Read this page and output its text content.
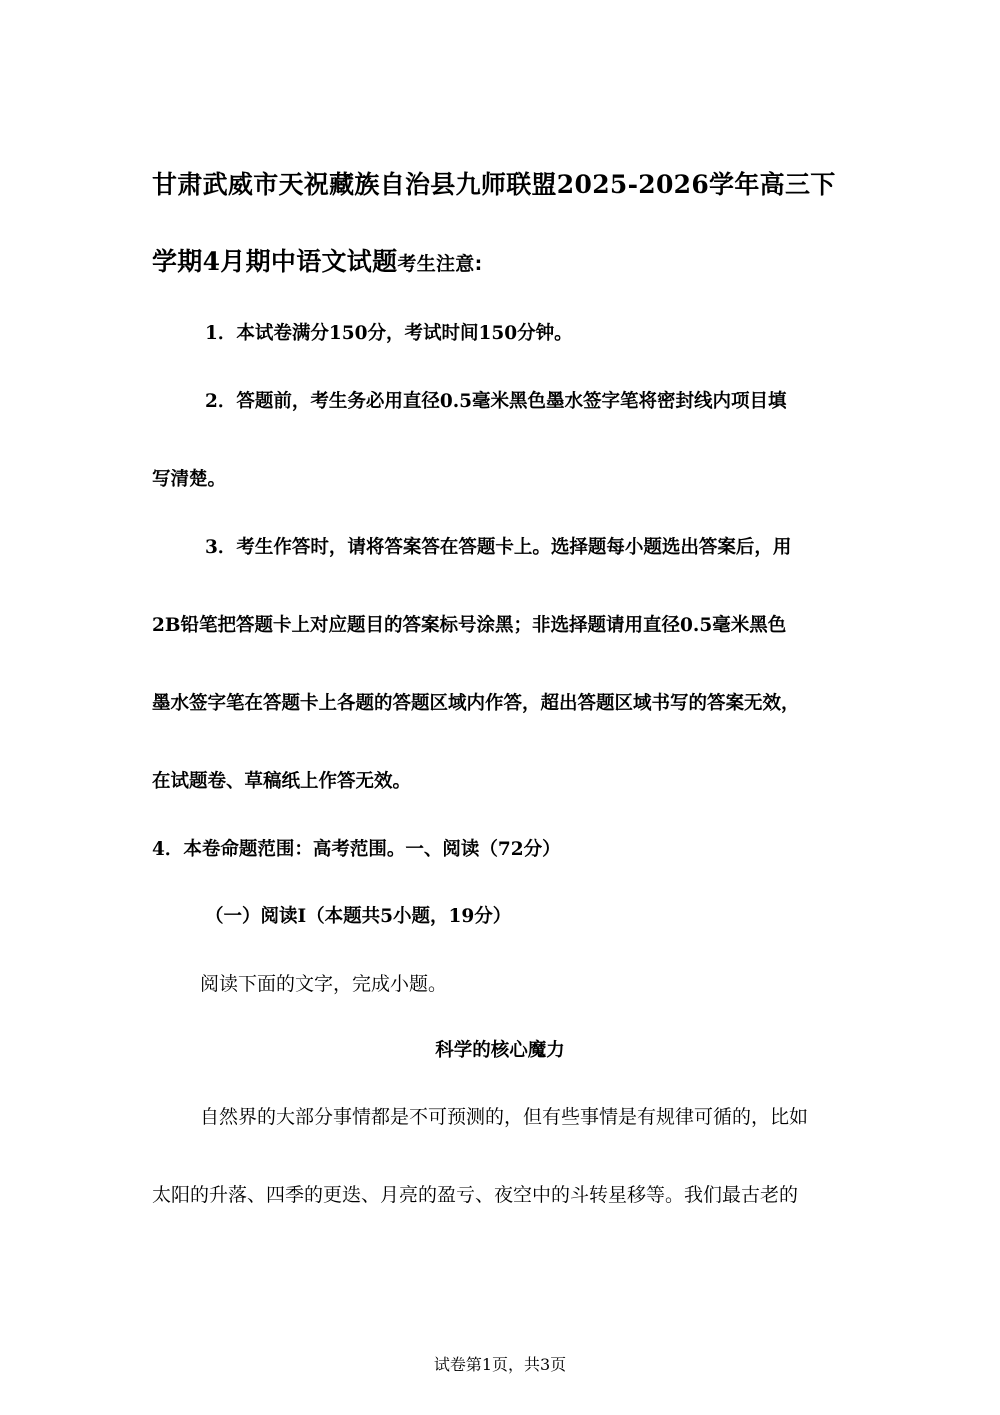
甘肃武威市天祝藏族自治县九师联盟2025-2026学年高三下
学期4月期中语文试题考生注意:
1．本试卷满分150分，考试时间150分钟。
2．答题前，考生务必用直径0.5毫米黑色墨水签字笔将密封线内项目填
写清楚。
3．考生作答时，请将答案答在答题卡上。选择题每小题选出答案后，用
2B铅笔把答题卡上对应题目的答案标号涂黑；非选择题请用直径0.5毫米黑色
墨水签字笔在答题卡上各题的答题区域内作答，超出答题区域书写的答案无效，
在试题卷、草稿纸上作答无效。
4．本卷命题范围：高考范围。一、阅读（72分）
（一）阅读I（本题共5小题，19分）
阅读下面的文字，完成小题。
科学的核心魔力
自然界的大部分事情都是不可预测的，但有些事情是有规律可循的，比如
太阳的升落、四季的更迭、月亮的盈亏、夜空中的斗转星移等。我们最古老的
试卷第1页，共3页
